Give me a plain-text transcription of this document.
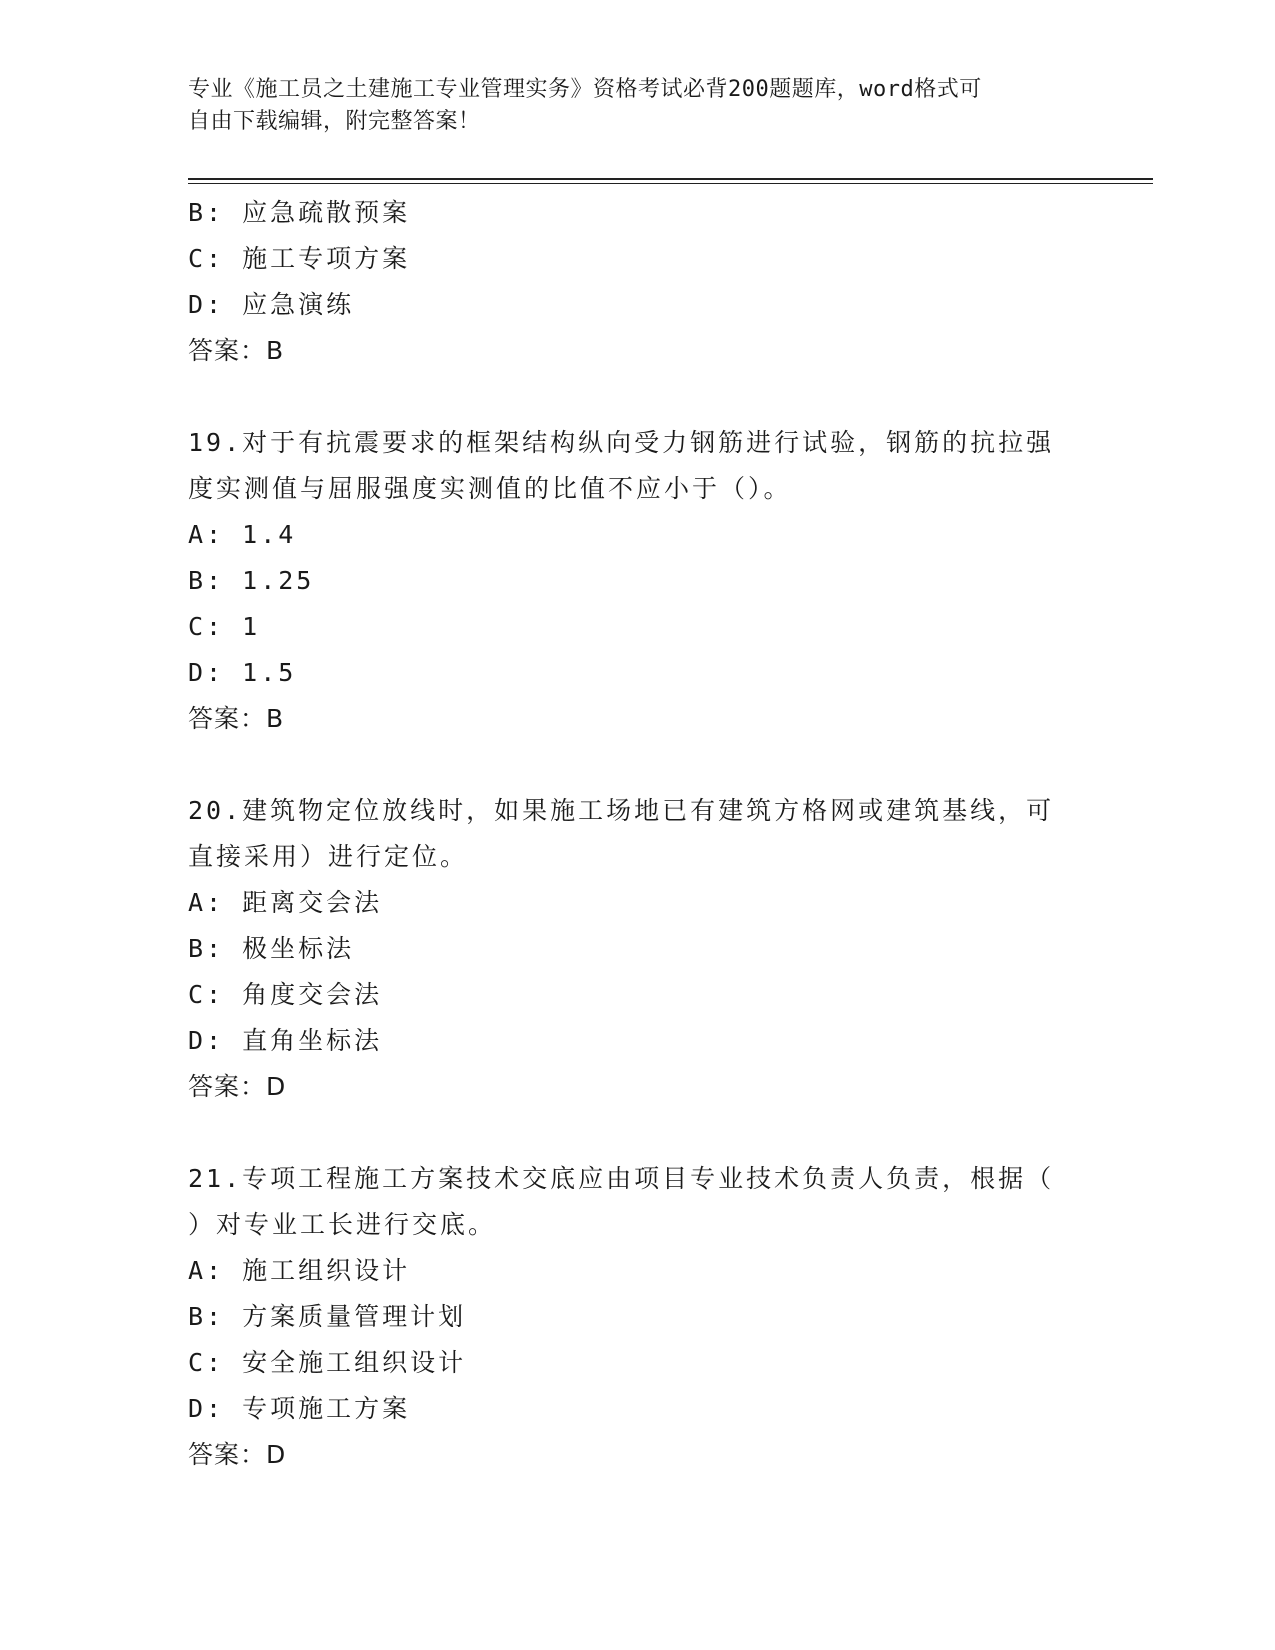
专业《施工员之土建施工专业管理实务》资格考试必背200题题库，word格式可
自由下载编辑，附完整答案！
B: 应急疏散预案
C: 施工专项方案
D: 应急演练
答案：B
19.对于有抗震要求的框架结构纵向受力钢筋进行试验，钢筋的抗拉强
度实测值与屈服强度实测值的比值不应小于（）。
A: 1.4
B: 1.25
C: 1
D: 1.5
答案：B
20.建筑物定位放线时，如果施工场地已有建筑方格网或建筑基线，可
直接采用）进行定位。
A: 距离交会法
B: 极坐标法
C: 角度交会法
D: 直角坐标法
答案：D
21.专项工程施工方案技术交底应由项目专业技术负责人负责，根据（
）对专业工长进行交底。
A: 施工组织设计
B: 方案质量管理计划
C: 安全施工组织设计
D: 专项施工方案
答案：D
